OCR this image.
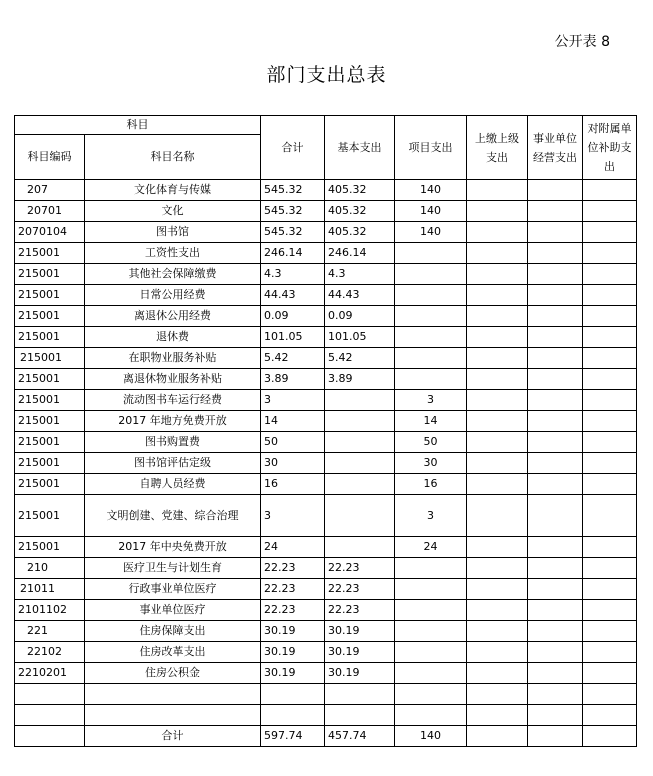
公开表 8
部门支出总表
科目		合计	基本支出	项目支出	上缴上级支出	事业单位经营支出	对附属单位补助支出
科目编码	科目名称						
207	文化体育与传媒	545.32	405.32	140			
20701	文化	545.32	405.32	140			
2070104	图书馆	545.32	405.32	140			
215001	工资性支出	246.14	246.14				
215001	其他社会保障缴费	4.3	4.3				
215001	日常公用经费	44.43	44.43				
215001	离退休公用经费	0.09	0.09				
215001	退休费	101.05	101.05				
215001	在职物业服务补贴	5.42	5.42				
215001	离退休物业服务补贴	3.89	3.89				
215001	流动图书车运行经费	3		3			
215001	2017 年地方免费开放	14		14			
215001	图书购置费	50		50			
215001	图书馆评估定级	30		30			
215001	自聘人员经费	16		16			
215001	文明创建、党建、综合治理	3		3			
215001	2017 年中央免费开放	24		24			
210	医疗卫生与计划生育	22.23	22.23				
21011	行政事业单位医疗	22.23	22.23				
2101102	事业单位医疗	22.23	22.23				
221	住房保障支出	30.19	30.19				
22102	住房改革支出	30.19	30.19				
2210201	住房公积金	30.19	30.19				

	合计	597.74	457.74	140			
